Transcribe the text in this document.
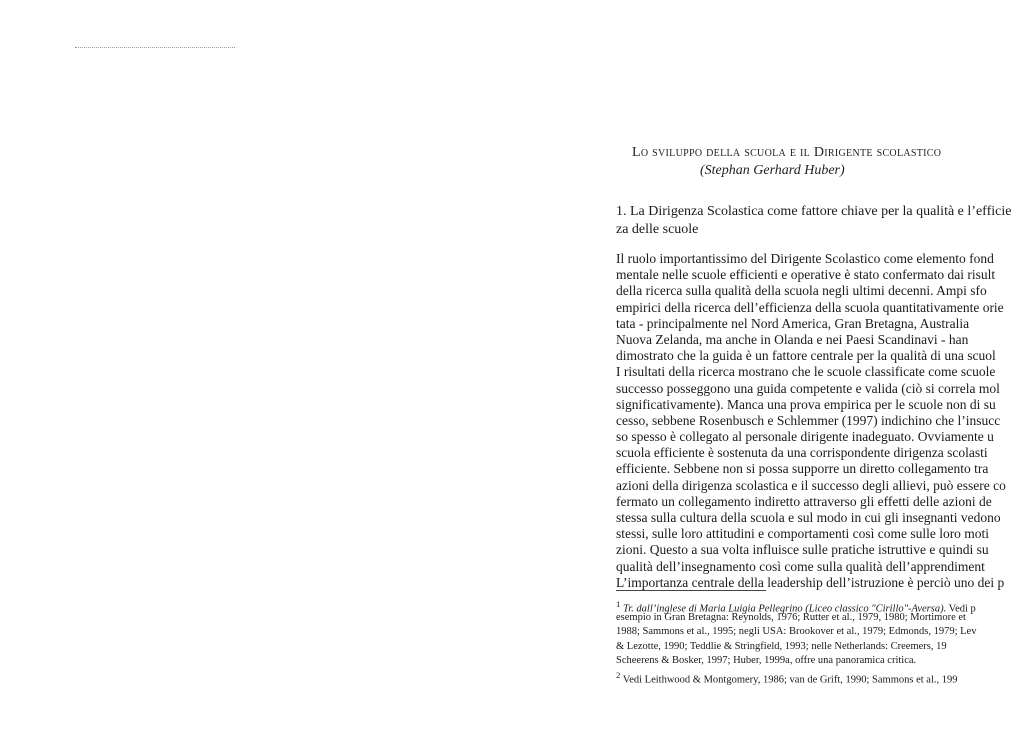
Lo sviluppo della scuola e il Dirigente scolastico
(Stephan Gerhard Huber)
1. La Dirigenza Scolastica come fattore chiave per la qualità e l’efficie
za delle scuole
Il ruolo importantissimo del Dirigente Scolastico come elemento fond
mentale nelle scuole efficienti e operative è stato confermato dai risult
della ricerca sulla qualità della scuola negli ultimi decenni. Ampi sfo
empirici della ricerca dell’efficienza della scuola quantitativamente orie
tata - principalmente nel Nord America, Gran Bretagna, Australia
Nuova Zelanda, ma anche in Olanda e nei Paesi Scandinavi - han
dimostrato che la guida è un fattore centrale per la qualità di una scuol
I risultati della ricerca mostrano che le scuole classificate come scuole
successo posseggono una guida competente e valida (ciò si correla mol
significativamente). Manca una prova empirica per le scuole non di su
cesso, sebbene Rosenbusch e Schlemmer (1997) indichino che l’insucc
so spesso è collegato al personale dirigente inadeguato. Ovviamente u
scuola efficiente è sostenuta da una corrispondente dirigenza scolasti
efficiente. Sebbene non si possa supporre un diretto collegamento tra
azioni della dirigenza scolastica e il successo degli allievi, può essere co
fermato un collegamento indiretto attraverso gli effetti delle azioni de
stessa sulla cultura della scuola e sul modo in cui gli insegnanti vedono
stessi, sulle loro attitudini e comportamenti così come sulle loro moti
zioni. Questo a sua volta influisce sulle pratiche istruttive e quindi su
qualità dell’insegnamento così come sulla qualità dell’apprendiment
L’importanza centrale della leadership dell’istruzione è perciò uno dei p
$^1$ Tr. dall’inglese di Maria Luigia Pellegrino (Liceo classico "Cirillo"-Aversa). Vedi p
esempio in Gran Bretagna: Reynolds, 1976; Rutter et al., 1979, 1980; Mortimore et
1988; Sammons et al., 1995; negli USA: Brookover et al., 1979; Edmonds, 1979; Lev
& Lezotte, 1990; Teddlie & Stringfield, 1993; nelle Netherlands: Creemers, 19
Scheerens & Bosker, 1997; Huber, 1999a, offre una panoramica critica.
$^2$ Vedi Leithwood & Montgomery, 1986; van de Grift, 1990; Sammons et al., 199
